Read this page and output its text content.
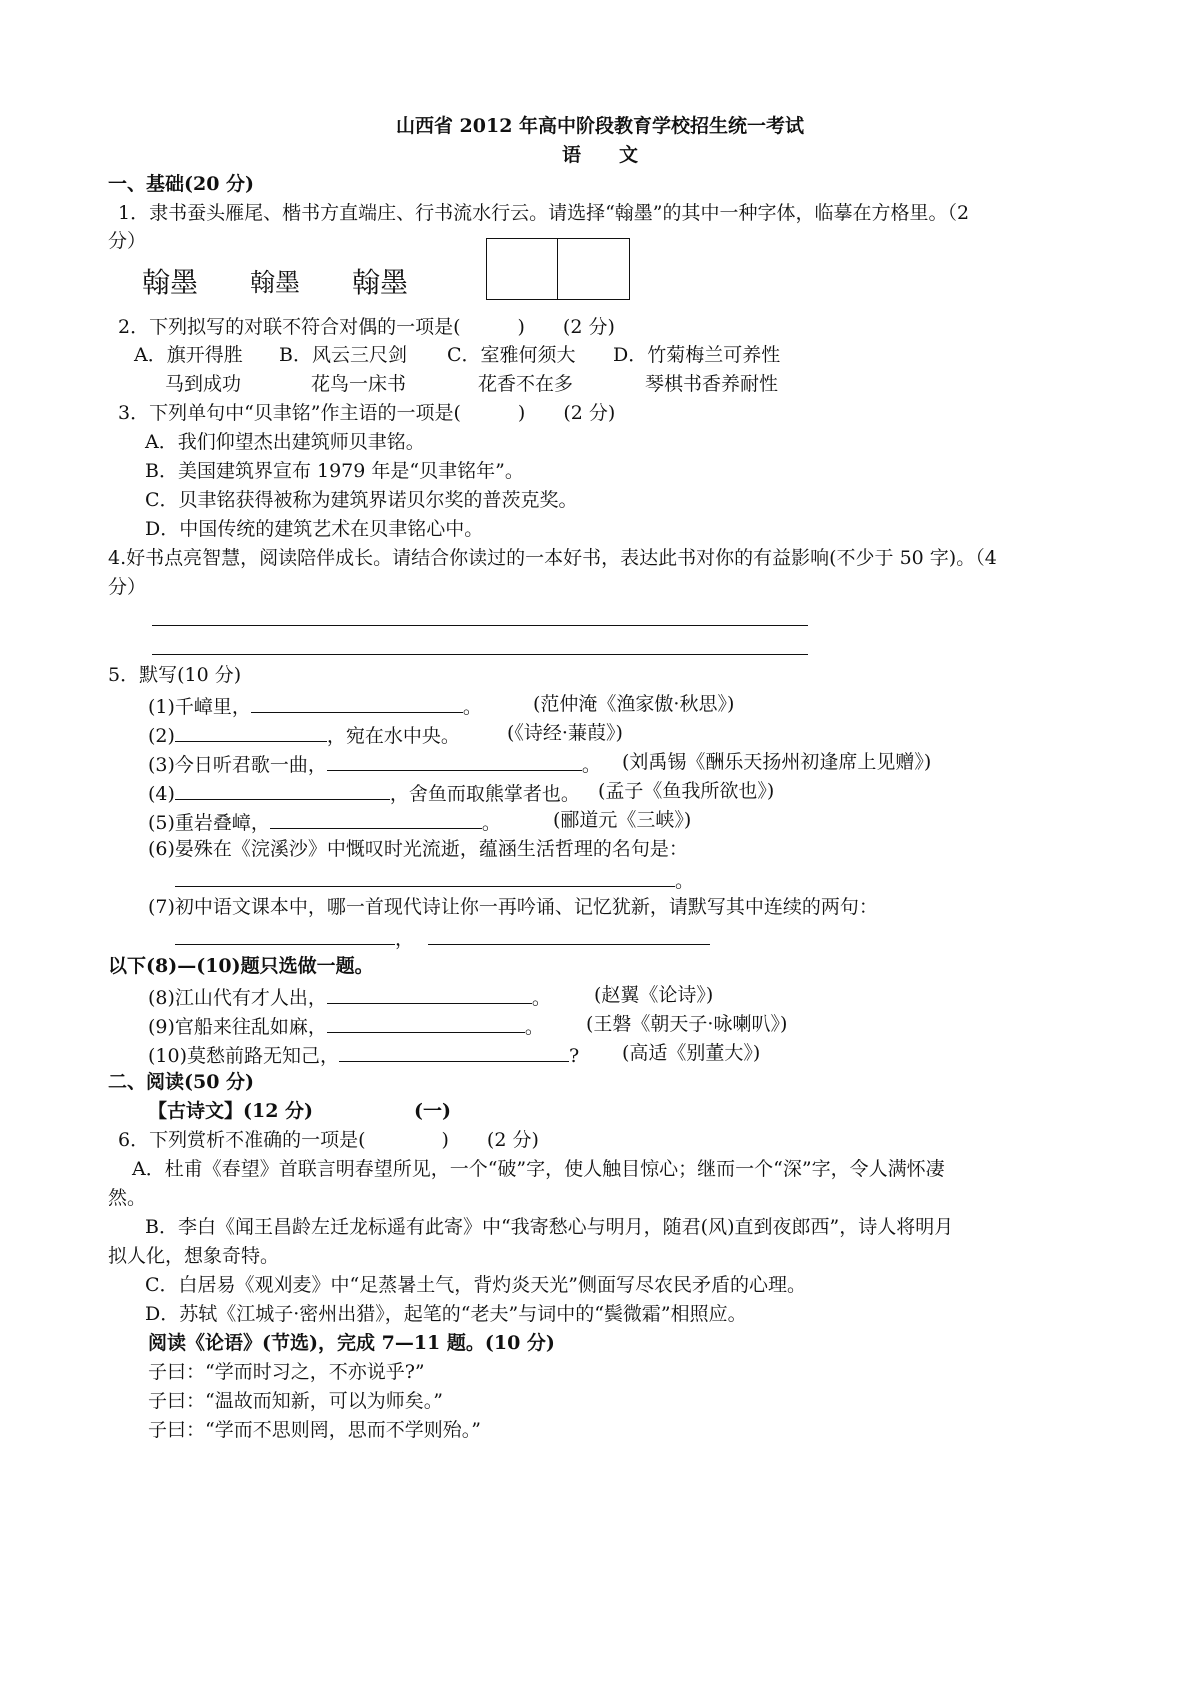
山西省 2012 年高中阶段教育学校招生统一考试
语　　文
一、基础(20 分)
1．隶书蚕头雁尾、楷书方直端庄、行书流水行云。请选择“翰墨”的其中一种字体，临摹在方格里。（2
分）
翰墨 翰墨 翰墨
2．下列拟写的对联不符合对偶的一项是(　　　)　　(2 分)
A．旗开得胜 B．风云三尺剑 C．室雅何须大 D．竹菊梅兰可养性
马到成功	花鸟一床书	花香不在多	琴棋书香养耐性
3．下列单句中“贝聿铭”作主语的一项是(　　　)　　(2 分)
A．我们仰望杰出建筑师贝聿铭。
B．美国建筑界宣布 1979 年是“贝聿铭年”。
C．贝聿铭获得被称为建筑界诺贝尔奖的普茨克奖。
D．中国传统的建筑艺术在贝聿铭心中。
4.好书点亮智慧，阅读陪伴成长。请结合你读过的一本好书，表达此书对你的有益影响(不少于 50 字)。（4
分）
5．默写(10 分)
(1)千嶂里，	。	(范仲淹《渔家傲·秋思》)
(2)	，宛在水中央。 (《诗经·蒹葭》)
(3)今日听君歌一曲，	。 (刘禹锡《酬乐天扬州初逢席上见赠》)
(4)	，舍鱼而取熊掌者也。 (孟子《鱼我所欲也》)
(5)重岩叠嶂，	。	(郦道元《三峡》)
(6)晏殊在《浣溪沙》中慨叹时光流逝，蕴涵生活哲理的名句是：
。
(7)初中语文课本中，哪一首现代诗让你一再吟诵、记忆犹新，请默写其中连续的两句：
，
以下(8)—(10)题只选做一题。
(8)江山代有才人出，	。 (赵翼《论诗》)
(9)官船来往乱如麻，	。 (王磐《朝天子·咏喇叭》)
(10)莫愁前路无知己，	? (高适《别董大》)
二、阅读(50 分)
【古诗文】(12 分)	(一)
6．下列赏析不准确的一项是(　　　　)　　(2 分)
A．杜甫《春望》首联言明春望所见，一个“破”字，使人触目惊心；继而一个“深”字，令人满怀凄
然。
B．李白《闻王昌龄左迁龙标遥有此寄》中“我寄愁心与明月，随君(风)直到夜郎西”，诗人将明月
拟人化，想象奇特。
C．白居易《观刈麦》中“足蒸暑土气，背灼炎天光”侧面写尽农民矛盾的心理。
D．苏轼《江城子·密州出猎》，起笔的“老夫”与词中的“鬓微霜”相照应。
阅读《论语》(节选)，完成 7—11 题。(10 分)
子曰：“学而时习之，不亦说乎?”
子曰：“温故而知新，可以为师矣。”
子曰：“学而不思则罔，思而不学则殆。”
